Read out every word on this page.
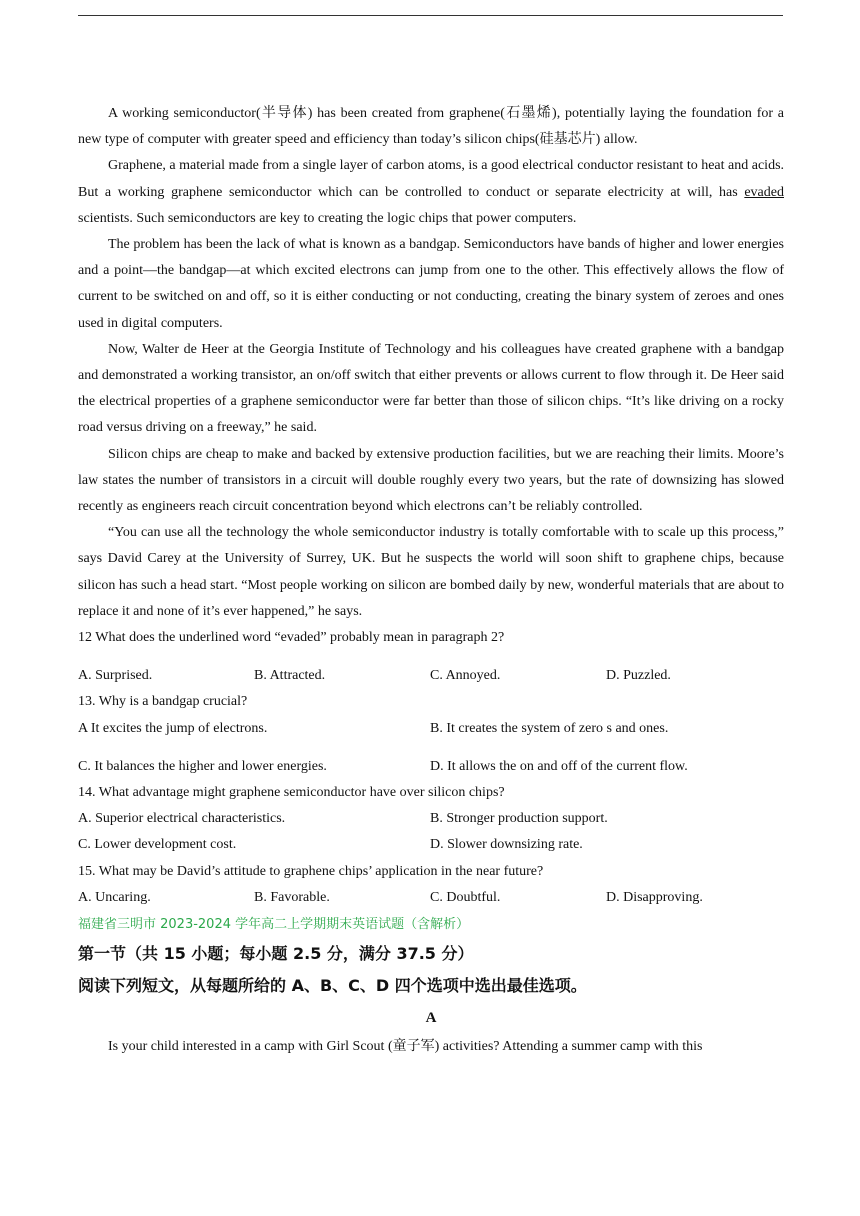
A working semiconductor(半导体) has been created from graphene(石墨烯), potentially laying the foundation for a new type of computer with greater speed and efficiency than today’s silicon chips(硅基芯片) allow.

Graphene, a material made from a single layer of carbon atoms, is a good electrical conductor resistant to heat and acids. But a working graphene semiconductor which can be controlled to conduct or separate electricity at will, has evaded scientists. Such semiconductors are key to creating the logic chips that power computers.

The problem has been the lack of what is known as a bandgap. Semiconductors have bands of higher and lower energies and a point—the bandgap—at which excited electrons can jump from one to the other. This effectively allows the flow of current to be switched on and off, so it is either conducting or not conducting, creating the binary system of zeroes and ones used in digital computers.

Now, Walter de Heer at the Georgia Institute of Technology and his colleagues have created graphene with a bandgap and demonstrated a working transistor, an on/off switch that either prevents or allows current to flow through it. De Heer said the electrical properties of a graphene semiconductor were far better than those of silicon chips. “It’s like driving on a rocky road versus driving on a freeway,” he said.

Silicon chips are cheap to make and backed by extensive production facilities, but we are reaching their limits. Moore’s law states the number of transistors in a circuit will double roughly every two years, but the rate of downsizing has slowed recently as engineers reach circuit concentration beyond which electrons can’t be reliably controlled.

“You can use all the technology the whole semiconductor industry is totally comfortable with to scale up this process,” says David Carey at the University of Surrey, UK. But he suspects the world will soon shift to graphene chips, because silicon has such a head start. “Most people working on silicon are bombed daily by new, wonderful materials that are about to replace it and none of it’s ever happened,” he says.

12 What does the underlined word “evaded” probably mean in paragraph 2?
A. Surprised.	B. Attracted.	C. Annoyed.	D. Puzzled.
13. Why is a bandgap crucial?
A It excites the jump of electrons.	B. It creates the system of zero s and ones.
C. It balances the higher and lower energies.	D. It allows the on and off of the current flow.
14. What advantage might graphene semiconductor have over silicon chips?
A. Superior electrical characteristics.	B. Stronger production support.
C. Lower development cost.	D. Slower downsizing rate.
15. What may be David’s attitude to graphene chips’ application in the near future?
A. Uncaring.	B. Favorable.	C. Doubtful.	D. Disapproving.
福建省三明市 2023-2024 学年高二上学期期末英语试题（含解析）
第一节（共 15 小题；每小题 2.5 分，满分 37.5 分）
阅读下列短文，从每题所给的 A、B、C、D 四个选项中选出最佳选项。
A

Is your child interested in a camp with Girl Scout (童子军) activities? Attending a summer camp with this
